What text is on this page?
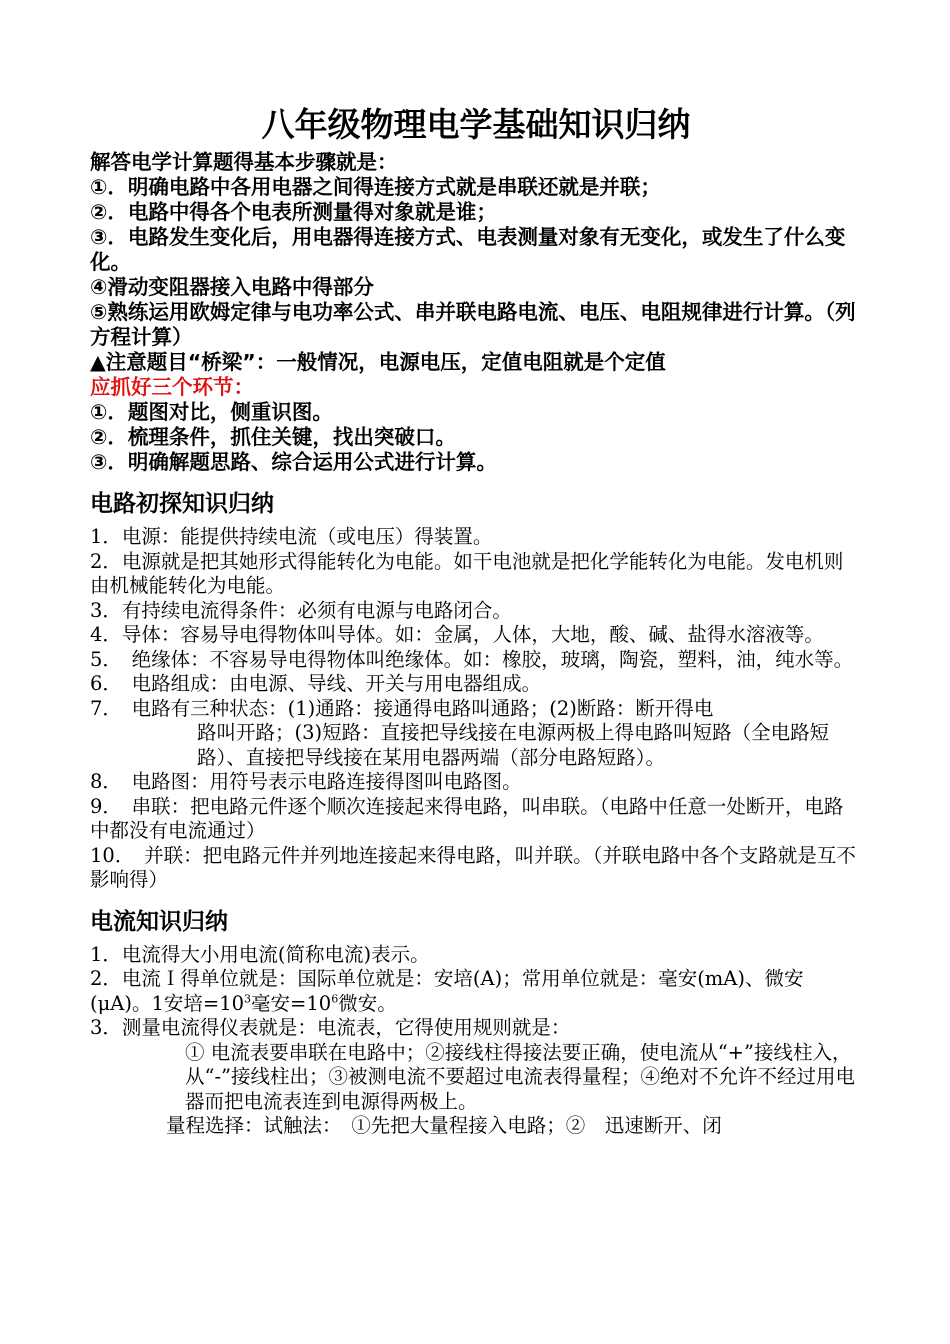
八年级物理电学基础知识归纳

解答电学计算题得基本步骤就是：

①．明确电路中各用电器之间得连接方式就是串联还就是并联；

②．电路中得各个电表所测量得对象就是谁；

③．电路发生变化后，用电器得连接方式、电表测量对象有无变化，或发生了什么变化。

④滑动变阻器接入电路中得部分

⑤熟练运用欧姆定律与电功率公式、串并联电路电流、电压、电阻规律进行计算。（列方程计算）

▲注意题目“桥梁”：一般情况，电源电压，定值电阻就是个定值

应抓好三个环节：

①．题图对比，侧重识图。

②．梳理条件，抓住关键，找出突破口。

③．明确解题思路、综合运用公式进行计算。

电路初探知识归纳

1．电源：能提供持续电流（或电压）得装置。

2．电源就是把其她形式得能转化为电能。如干电池就是把化学能转化为电能。发电机则由机械能转化为电能。

3．有持续电流得条件：必须有电源与电路闭合。

4．导体：容易导电得物体叫导体。如：金属，人体，大地，酸、碱、盐得水溶液等。

5．　绝缘体：不容易导电得物体叫绝缘体。如：橡胶，玻璃，陶瓷，塑料，油，纯水等。

6．　电路组成：由电源、导线、开关与用电器组成。

7．　电路有三种状态：(1)通路：接通得电路叫通路；(2)断路：断开得电

路叫开路；(3)短路：直接把导线接在电源两极上得电路叫短路（全电路短路）、直接把导线接在某用电器两端（部分电路短路）。

8．　电路图：用符号表示电路连接得图叫电路图。

9．　串联：把电路元件逐个顺次连接起来得电路，叫串联。（电路中任意一处断开，电路中都没有电流通过）

10．　并联：把电路元件并列地连接起来得电路，叫并联。（并联电路中各个支路就是互不影响得）

电流知识归纳

1．电流得大小用电流(简称电流)表示。

2．电流Ｉ得单位就是：国际单位就是：安培(A)；常用单位就是：毫安(mA)、微安(μA)。1安培$=10^3$毫安$=10^6$微安。

3．测量电流得仪表就是：电流表，它得使用规则就是：

① 电流表要串联在电路中；②接线柱得接法要正确，使电流从“+”接线柱入，从“-”接线柱出；③被测电流不要超过电流表得量程；④绝对不允许不经过用电器而把电流表连到电源得两极上。

量程选择：试触法：　①先把大量程接入电路；②　迅速断开、闭
